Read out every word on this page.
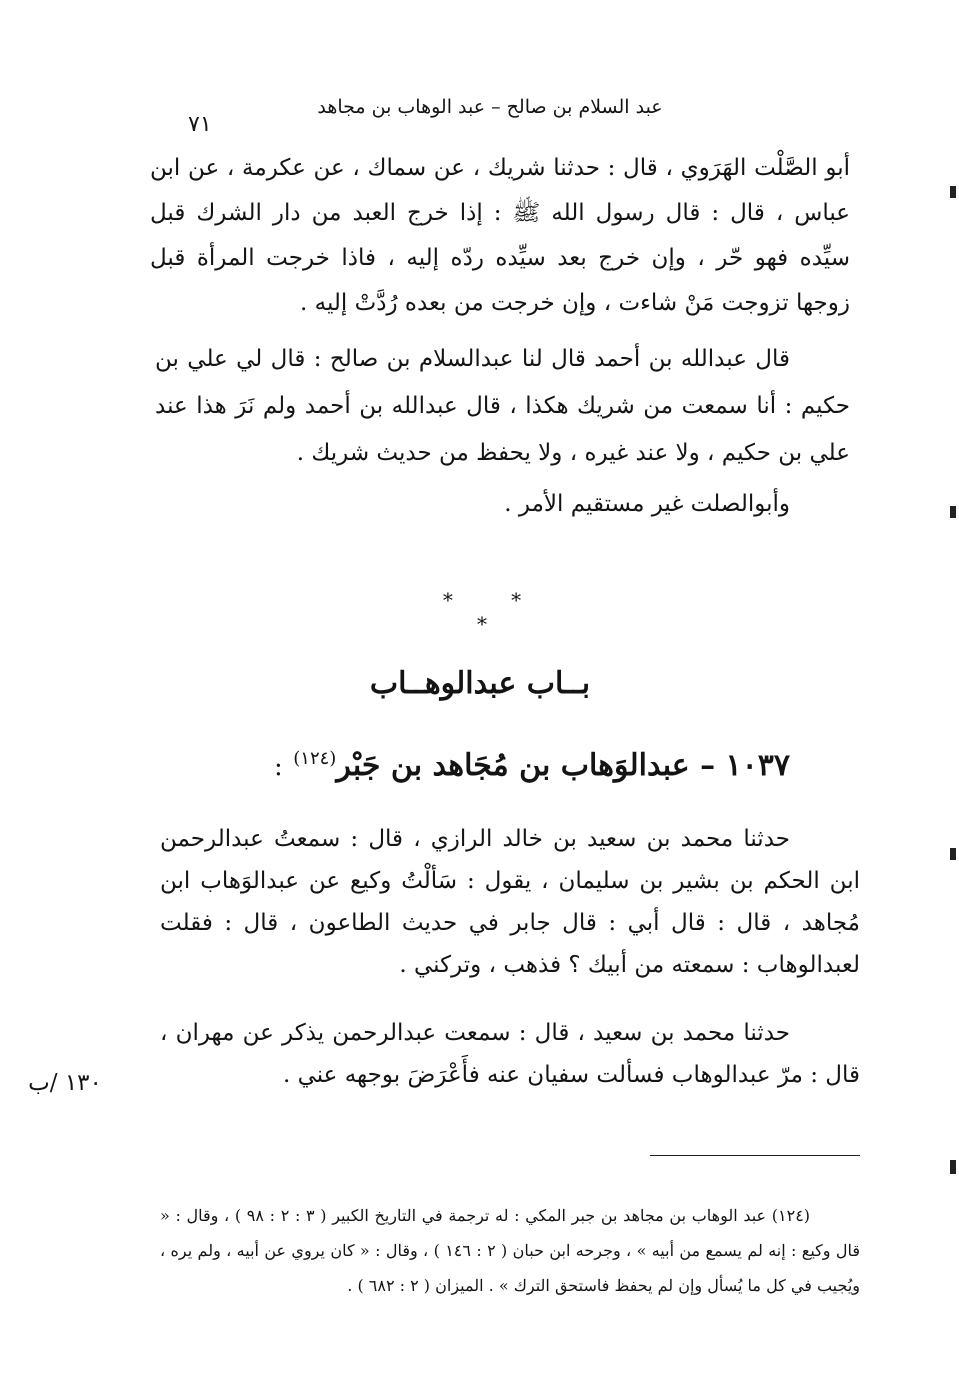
عبد السلام بن صالح – عبد الوهاب بن مجاهد
٧١

أبو الصَّلْت الهَرَوي ، قال : حدثنا شريك ، عن سماك ، عن عكرمة ، عن ابن عباس ، قال : قال رسول الله ﷺ : إذا خرج العبد من دار الشرك قبل سيِّده فهو حّر ، وإن خرج بعد سيِّده ردّه إليه ، فاذا خرجت المرأة قبل زوجها تزوجت مَنْ شاءت ، وإن خرجت من بعده رُدَّتْ إليه .

قال عبدالله بن أحمد قال لنا عبدالسلام بن صالح : قال لي علي بن حكيم : أنا سمعت من شريك هكذا ، قال عبدالله بن أحمد ولم نَرَ هذا عند علي بن حكيم ، ولا عند غيره ، ولا يحفظ من حديث شريك .

وأبوالصلت غير مستقيم الأمر .

* * *
بــاب عبدالوهــاب
١٠٣٧ – عبدالوَهاب بن مُجَاهد بن جَبْر$^{(١٢٤)}$ :

حدثنا محمد بن سعيد بن خالد الرازي ، قال : سمعتُ عبدالرحمن ابن الحكم بن بشير بن سليمان ، يقول : سَألْتُ وكيع عن عبدالوَهاب ابن مُجاهد ، قال : قال أبي : قال جابر في حديث الطاعون ، قال : فقلت لعبدالوهاب : سمعته من أبيك ؟ فذهب ، وتركني .

حدثنا محمد بن سعيد ، قال : سمعت عبدالرحمن يذكر عن مهران ، قال : مرّ عبدالوهاب فسألت سفيان عنه فأَعْرَضَ بوجهه عني .

١٣٠ /ب

(١٢٤) عبد الوهاب بن مجاهد بن جبر المكي : له ترجمة في التاريخ الكبير ( ٣ : ٢ : ٩٨ ) ، وقال : « قال وكيع : إنه لم يسمع من أبيه » ، وجرحه ابن حبان ( ٢ : ١٤٦ ) ، وقال : « كان يروي عن أبيه ، ولم يره ، ويُجيب في كل ما يُسأل وإن لم يحفظ فاستحق الترك » . الميزان ( ٢ : ٦٨٢ ) .
